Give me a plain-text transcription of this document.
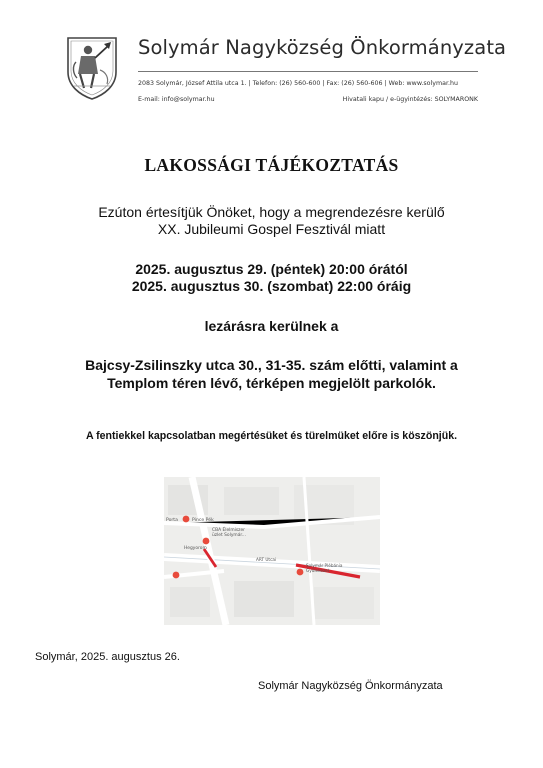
Solymár Nagyközség Önkormányzata
2083 Solymár, József Attila utca 1. | Telefon: (26) 560-600 | Fax: (26) 560-606 | Web: www.solymar.hu
E-mail: info@solymar.hu	Hivatali kapu / e-ügyintézés: SOLYMARONK
LAKOSSÁGI TÁJÉKOZTATÁS
Ezúton értesítjük Önöket, hogy a megrendezésre kerülő
XX. Jubileumi Gospel Fesztivál miatt
2025. augusztus 29. (péntek) 20:00 órától
2025. augusztus 30. (szombat) 22:00 óráig
lezárásra kerülnek a
Bajcsy-Zsilinszky utca 30., 31-35. szám előtti, valamint a
Templom téren lévő, térképen megjelölt parkolók.
A fentiekkel kapcsolatban megértésüket és türelmüket előre is köszönjük.
Porta	Pince Pék
CBA Élelmiszer
üzlet Solymár...
Hegyorom
ART Utcai
Solymár Plébánia
Gyülekezet
Solymár, 2025. augusztus 26.
Solymár Nagyközség Önkormányzata
